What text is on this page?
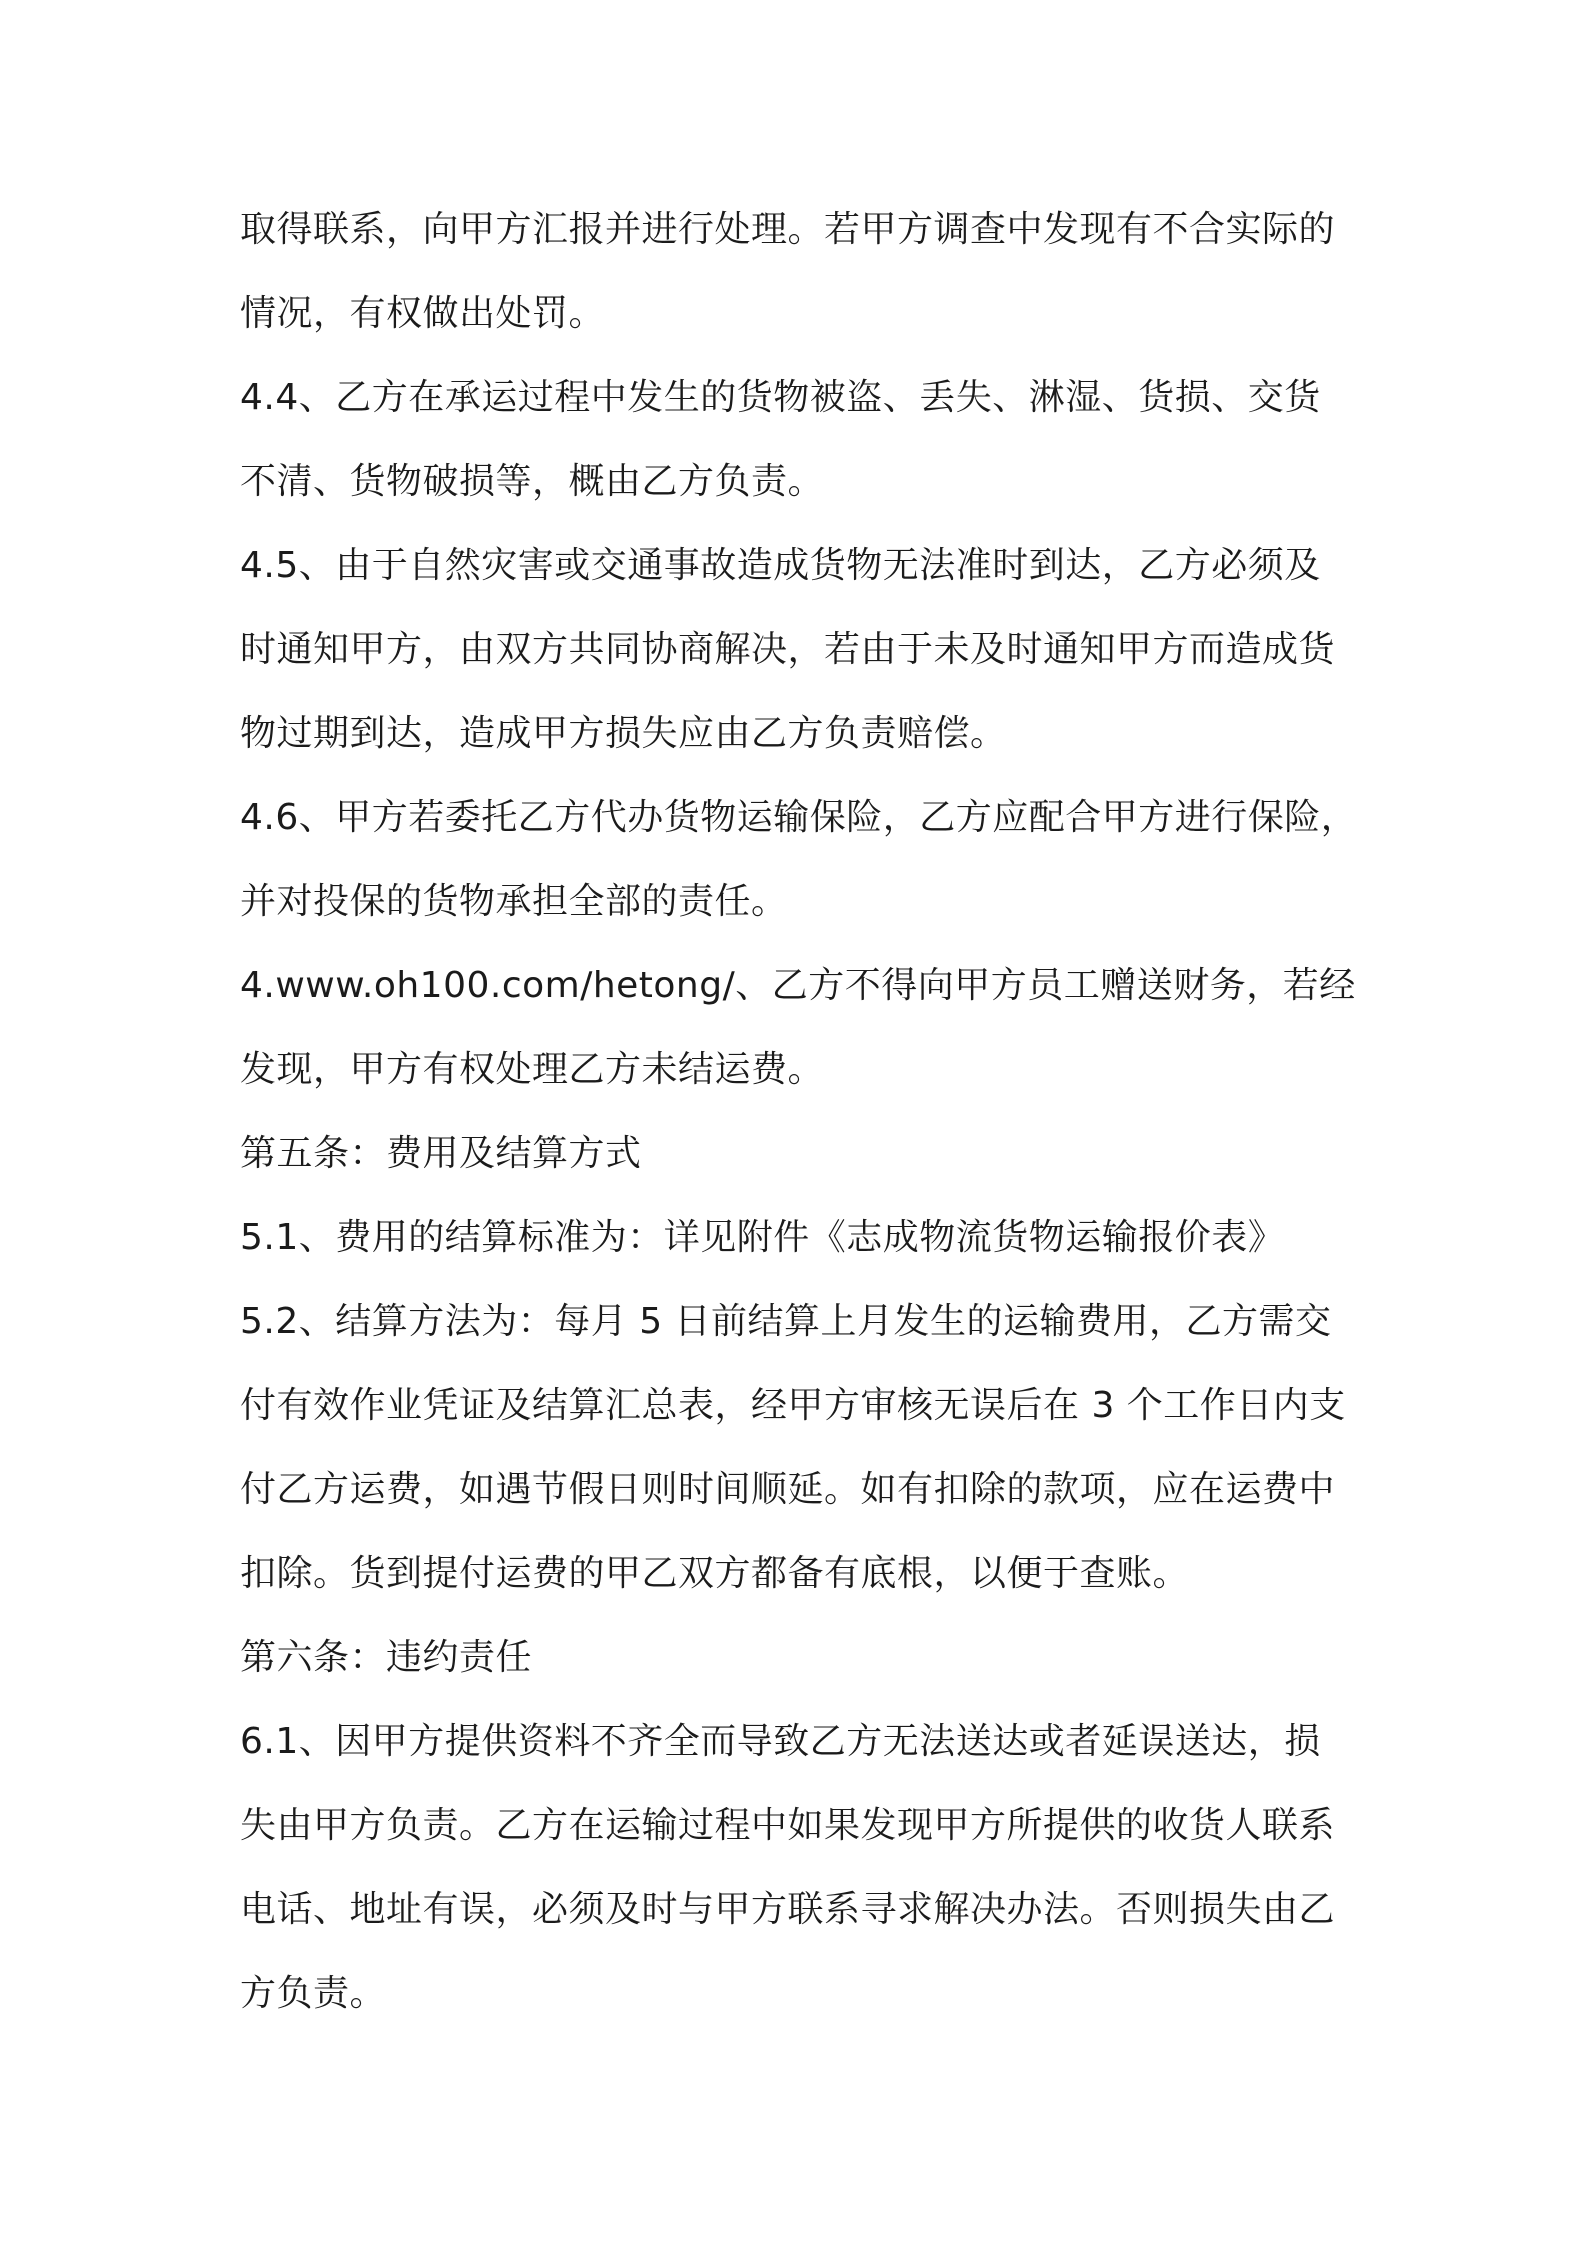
取得联系，向甲方汇报并进行处理。若甲方调查中发现有不合实际的
情况，有权做出处罚。
4.4、乙方在承运过程中发生的货物被盗、丢失、淋湿、货损、交货
不清、货物破损等，概由乙方负责。
4.5、由于自然灾害或交通事故造成货物无法准时到达，乙方必须及
时通知甲方，由双方共同协商解决，若由于未及时通知甲方而造成货
物过期到达，造成甲方损失应由乙方负责赔偿。
4.6、甲方若委托乙方代办货物运输保险，乙方应配合甲方进行保险，
并对投保的货物承担全部的责任。
4.www.oh100.com/hetong/、乙方不得向甲方员工赠送财务，若经
发现，甲方有权处理乙方未结运费。
第五条：费用及结算方式
5.1、费用的结算标准为：详见附件《志成物流货物运输报价表》
5.2、结算方法为：每月 5 日前结算上月发生的运输费用，乙方需交
付有效作业凭证及结算汇总表，经甲方审核无误后在 3 个工作日内支
付乙方运费，如遇节假日则时间顺延。如有扣除的款项，应在运费中
扣除。货到提付运费的甲乙双方都备有底根，以便于查账。
第六条：违约责任
6.1、因甲方提供资料不齐全而导致乙方无法送达或者延误送达，损
失由甲方负责。乙方在运输过程中如果发现甲方所提供的收货人联系
电话、地址有误，必须及时与甲方联系寻求解决办法。否则损失由乙
方负责。
